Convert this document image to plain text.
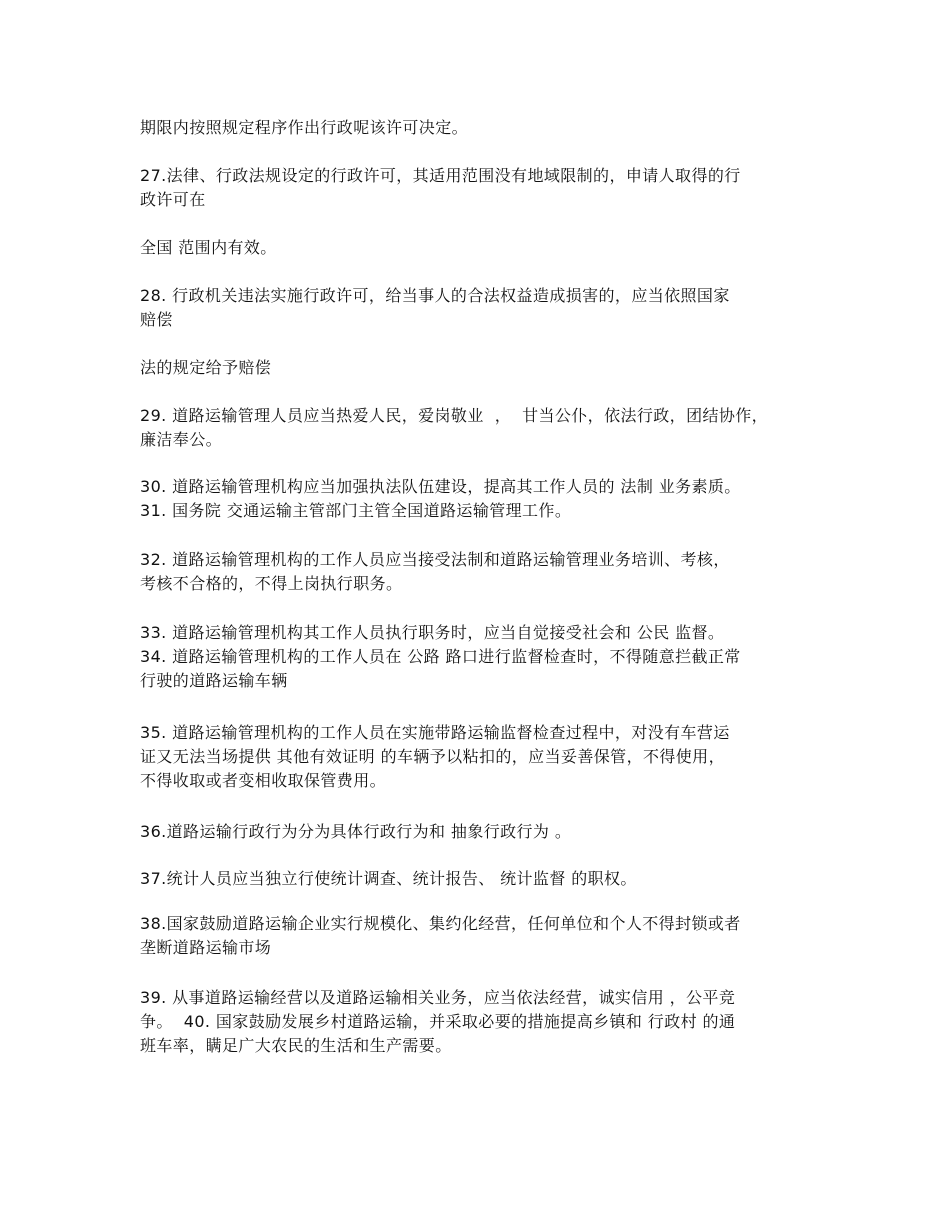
期限内按照规定程序作出行政呢该许可决定。
27.法律、行政法规设定的行政许可，其适用范围没有地域限制的，申请人取得的行
政许可在
全国 范围内有效。
28. 行政机关违法实施行政许可，给当事人的合法权益造成损害的，应当依照国家
赔偿
法的规定给予赔偿
29. 道路运输管理人员应当热爱人民，爱岗敬业  ，  甘当公仆，依法行政，团结协作，
廉洁奉公。
30. 道路运输管理机构应当加强执法队伍建设，提高其工作人员的 法制 业务素质。
31. 国务院 交通运输主管部门主管全国道路运输管理工作。
32. 道路运输管理机构的工作人员应当接受法制和道路运输管理业务培训、考核，
考核不合格的，不得上岗执行职务。
33. 道路运输管理机构其工作人员执行职务时，应当自觉接受社会和 公民 监督。
34. 道路运输管理机构的工作人员在 公路 路口进行监督检查时，不得随意拦截正常
行驶的道路运输车辆
35. 道路运输管理机构的工作人员在实施带路运输监督检查过程中，对没有车营运
证又无法当场提供 其他有效证明 的车辆予以粘扣的，应当妥善保管，不得使用，
不得收取或者变相收取保管费用。
36.道路运输行政行为分为具体行政行为和 抽象行政行为 。
37.统计人员应当独立行使统计调查、统计报告、 统计监督 的职权。
38.国家鼓励道路运输企业实行规模化、集约化经营，任何单位和个人不得封锁或者
垄断道路运输市场
39. 从事道路运输经营以及道路运输相关业务，应当依法经营，诚实信用 ，公平竞
争。  40. 国家鼓励发展乡村道路运输，并采取必要的措施提高乡镇和 行政村 的通
班车率，瞒足广大农民的生活和生产需要。
